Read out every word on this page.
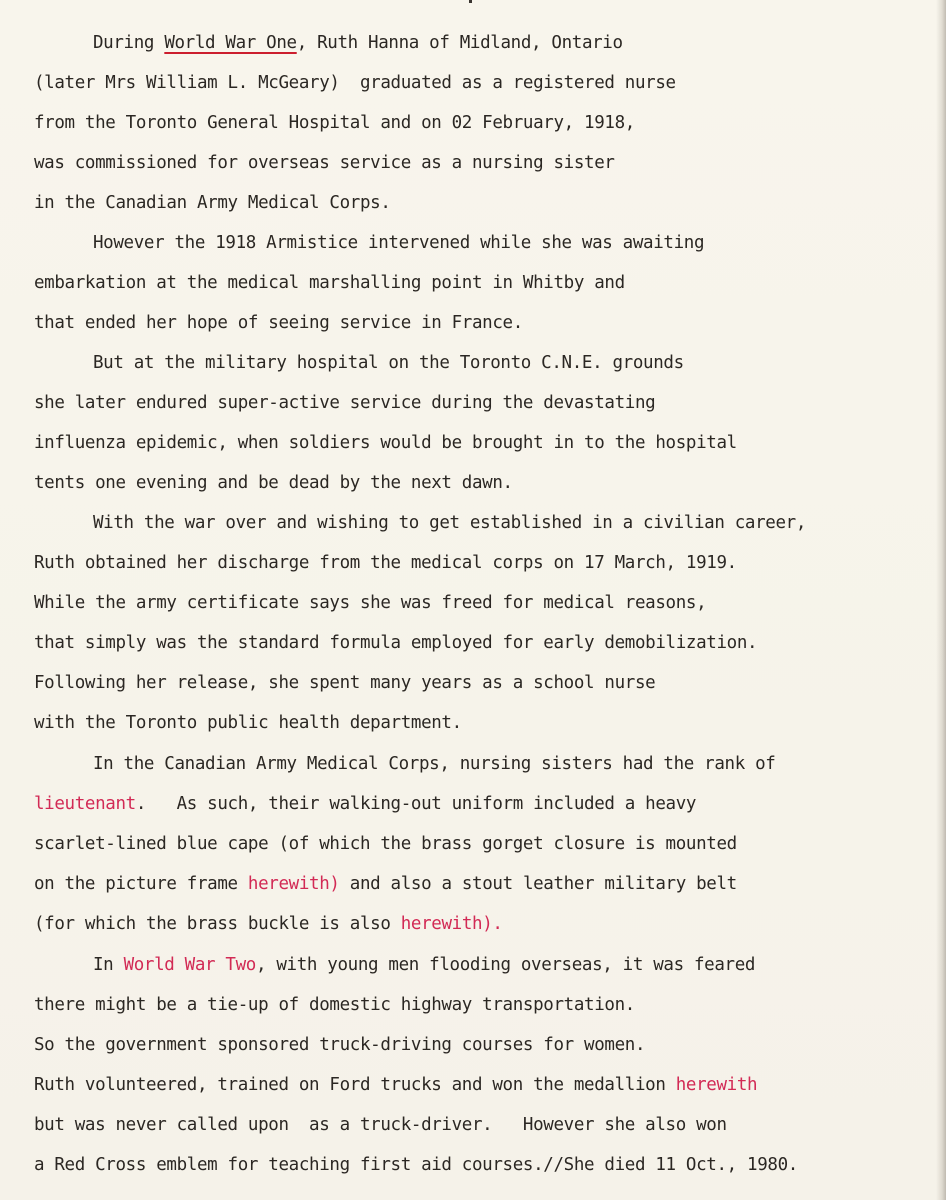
During World War One, Ruth Hanna of Midland, Ontario
(later Mrs William L. McGeary)  graduated as a registered nurse
from the Toronto General Hospital and on 02 February, 1918,
was commissioned for overseas service as a nursing sister
in the Canadian Army Medical Corps.
However the 1918 Armistice intervened while she was awaiting
embarkation at the medical marshalling point in Whitby and
that ended her hope of seeing service in France.
But at the military hospital on the Toronto C.N.E. grounds
she later endured super-active service during the devastating
influenza epidemic, when soldiers would be brought in to the hospital
tents one evening and be dead by the next dawn.
With the war over and wishing to get established in a civilian career,
Ruth obtained her discharge from the medical corps on 17 March, 1919.
While the army certificate says she was freed for medical reasons,
that simply was the standard formula employed for early demobilization.
Following her release, she spent many years as a school nurse
with the Toronto public health department.
In the Canadian Army Medical Corps, nursing sisters had the rank of
lieutenant.   As such, their walking-out uniform included a heavy
scarlet-lined blue cape (of which the brass gorget closure is mounted
on the picture frame herewith) and also a stout leather military belt
(for which the brass buckle is also herewith).
In World War Two, with young men flooding overseas, it was feared
there might be a tie-up of domestic highway transportation.
So the government sponsored truck-driving courses for women.
Ruth volunteered, trained on Ford trucks and won the medallion herewith
but was never called upon  as a truck-driver.   However she also won
a Red Cross emblem for teaching first aid courses.//She died 11 Oct., 1980.
